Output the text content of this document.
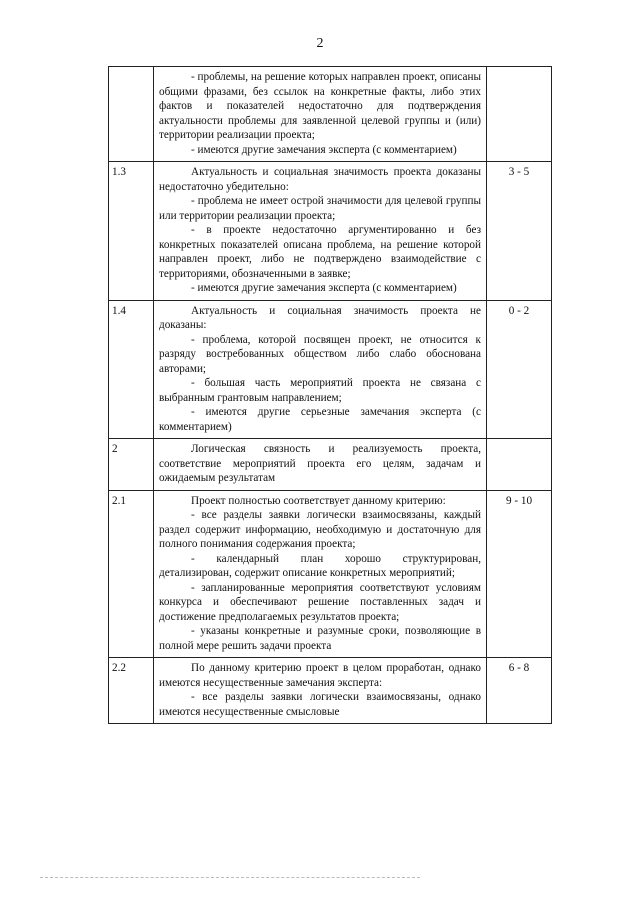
2

	- проблемы, на решение которых направлен проект, описаны общими фразами, без ссылок на конкретные факты, либо этих фактов и показателей недостаточно для подтверждения актуальности проблемы для заявленной целевой группы и (или) территории реализации проекта;

- имеются другие замечания эксперта (с комментарием)	

1.3	Актуальность и социальная значимость проекта доказаны недостаточно убедительно:

- проблема не имеет острой значимости для целевой группы или территории реализации проекта;

- в проекте недостаточно аргументированно и без конкретных показателей описана проблема, на решение которой направлен проект, либо не подтверждено взаимодействие с территориями, обозначенными в заявке;

- имеются другие замечания эксперта (с комментарием)	3 - 5
1.4	Актуальность и социальная значимость проекта не доказаны:

- проблема, которой посвящен проект, не относится к разряду востребованных обществом либо слабо обоснована авторами;

- большая часть мероприятий проекта не связана с выбранным грантовым направлением;

- имеются другие серьезные замечания эксперта (с комментарием)	0 - 2
2	Логическая связность и реализуемость проекта, соответствие мероприятий проекта его целям, задачам и ожидаемым результатам	

2.1	Проект полностью соответствует данному критерию:

- все разделы заявки логически взаимосвязаны, каждый раздел содержит информацию, необходимую и достаточную для полного понимания содержания проекта;

- календарный план хорошо структурирован, детализирован, содержит описание конкретных мероприятий;

- запланированные мероприятия соответствуют условиям конкурса и обеспечивают решение поставленных задач и достижение предполагаемых результатов проекта;

- указаны конкретные и разумные сроки, позволяющие в полной мере решить задачи проекта	9 - 10
2.2	По данному критерию проект в целом проработан, однако имеются несущественные замечания эксперта:

- все разделы заявки логически взаимосвязаны, однако имеются несущественные смысловые	6 - 8
